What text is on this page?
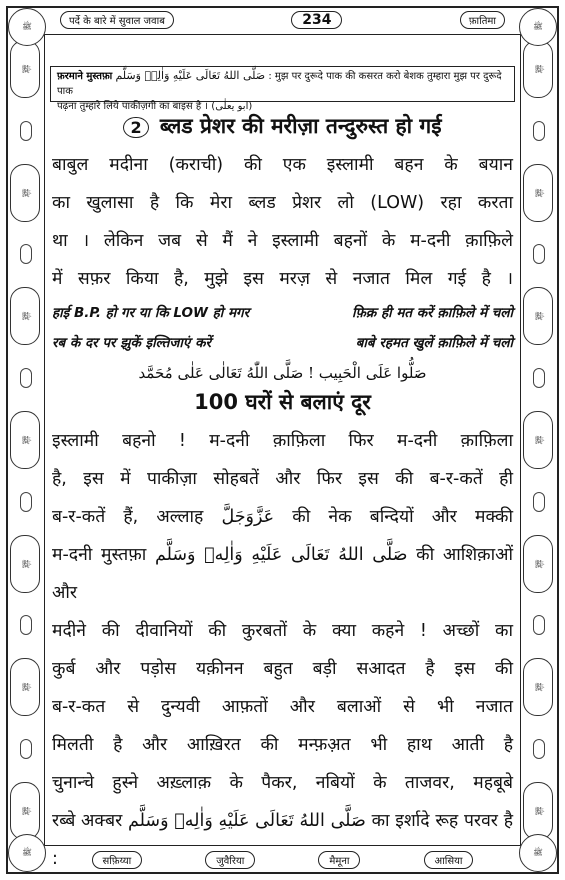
ﷺ
ﷺ
ﷺ
ﷺ
ﷺ
ﷺ
ﷺ
ﷺ
ﷺ
ﷺ
ﷺ
ﷺ
ﷺ
ﷺ
ﷺ	ﷺ
ﷺ	ﷺ
पर्दे के बारे में सुवाल जवाब	234	फ़ातिमा
फ़रमाने मुस्तफ़ा صَلَّى اللهُ تَعَالَى عَلَيْهِ وَاٰلِهٖ وَسَلَّم : मुझ पर दुरूदे पाक की कसरत करो बेशक तुम्हारा मुझ पर दुरूदे पाक
पढ़ना तुम्हारे लिये पाकीज़गी का बाइस है । (ابو یعلٰی)
2 ब्लड प्रेशर की मरीज़ा तन्दुरुस्त हो गई

बाबुल मदीना (कराची) की एक इस्लामी बहन के बयान

का खुलासा है कि मेरा ब्लड प्रेशर लो (LOW) रहा करता

था । लेकिन जब से मैं ने इस्लामी बहनों के म-दनी क़ाफ़िले

में सफ़र किया है, मुझे इस मरज़ से नजात मिल गई है ।

हाई B.P. हो गर या कि LOW हो मगर	फ़िक्र ही मत करें क़ाफ़िले में चलो
रब के दर पर झुकें इल्तिजाएं करें	बाबे रहमत खुलें क़ाफ़िले में चलो
صَلُّوا عَلَى الْحَبِيب ! صَلَّى اللّٰهُ تَعَالٰى عَلٰى مُحَمَّد
100 घरों से बलाएं दूर

इस्लामी बहनो ! म-दनी क़ाफ़िला फिर म-दनी क़ाफ़िला

है, इस में पाकीज़ा सोहबतें और फिर इस की ब-र-कतें ही

ब-र-कतें हैं, अल्लाह عَزَّوَجَلَّ की नेक बन्दियों और मक्की

म-दनी मुस्तफ़ा صَلَّى اللهُ تَعَالَى عَلَيْهِ وَاٰلِهٖ وَسَلَّم की आशिक़ाओं और

मदीने की दीवानियों की कुरबतों के क्या कहने ! अच्छों का

कुर्ब और पड़ोस यक़ीनन बहुत बड़ी सआदत है इस की

ब-र-कत से दुन्यवी आफ़तों और बलाओं से भी नजात

मिलती है और आख़िरत की मन्फ़अ़त भी हाथ आती है

चुनान्चे हुस्ने अख़्लाक़ के पैकर, नबियों के ताजवर, महबूबे

रब्बे अक्बर صَلَّى اللهُ تَعَالَى عَلَيْهِ وَاٰلِهٖ وَسَلَّم का इर्शादे रूह परवर है :	सफ़िय्या	जुवैरिया	मैमूना	आसिया
